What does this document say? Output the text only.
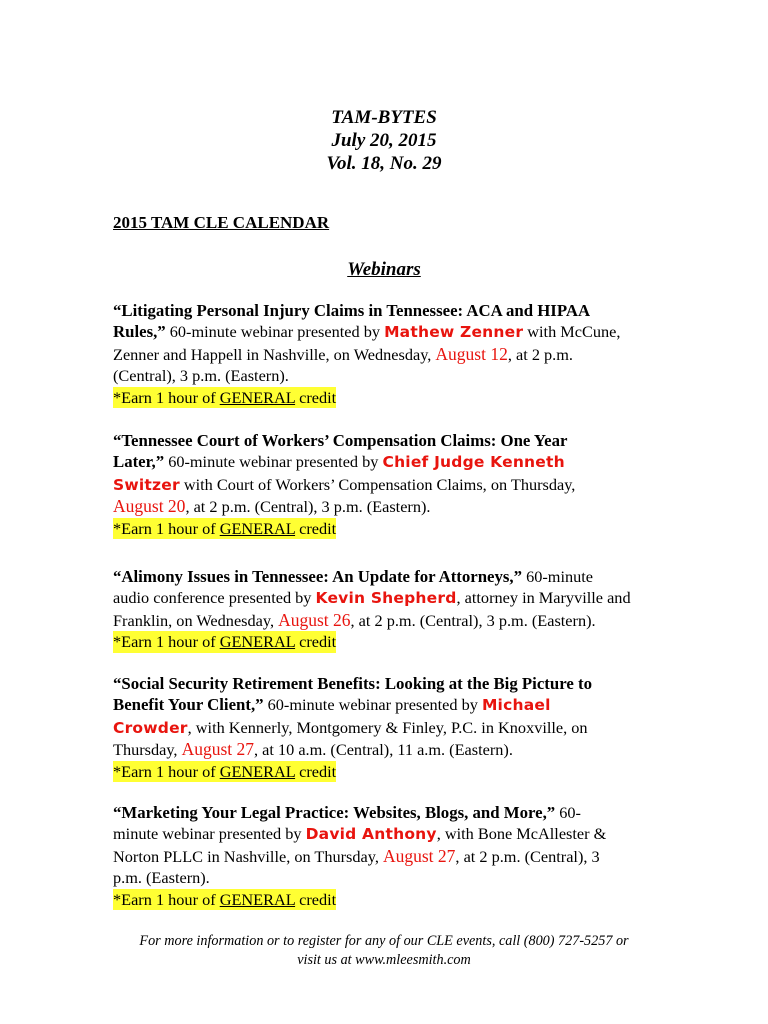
TAM-BYTES
July 20, 2015
Vol. 18, No. 29
2015 TAM CLE CALENDAR
Webinars
“Litigating Personal Injury Claims in Tennessee: ACA and HIPAA
Rules,” 60-minute webinar presented by Mathew Zenner with McCune,
Zenner and Happell in Nashville, on Wednesday, August 12, at 2 p.m.
(Central), 3 p.m. (Eastern).
*Earn 1 hour of GENERAL credit
“Tennessee Court of Workers’ Compensation Claims: One Year
Later,” 60-minute webinar presented by Chief Judge Kenneth
Switzer with Court of Workers’ Compensation Claims, on Thursday,
August 20, at 2 p.m. (Central), 3 p.m. (Eastern).
*Earn 1 hour of GENERAL credit
“Alimony Issues in Tennessee: An Update for Attorneys,” 60-minute
audio conference presented by Kevin Shepherd, attorney in Maryville and
Franklin, on Wednesday, August 26, at 2 p.m. (Central), 3 p.m. (Eastern).
*Earn 1 hour of GENERAL credit
“Social Security Retirement Benefits: Looking at the Big Picture to
Benefit Your Client,” 60-minute webinar presented by Michael
Crowder, with Kennerly, Montgomery & Finley, P.C. in Knoxville, on
Thursday, August 27, at 10 a.m. (Central), 11 a.m. (Eastern).
*Earn 1 hour of GENERAL credit
“Marketing Your Legal Practice: Websites, Blogs, and More,” 60-
minute webinar presented by David Anthony, with Bone McAllester &
Norton PLLC in Nashville, on Thursday, August 27, at 2 p.m. (Central), 3
p.m. (Eastern).
*Earn 1 hour of GENERAL credit
For more information or to register for any of our CLE events, call (800) 727-5257 or
visit us at www.mleesmith.com
